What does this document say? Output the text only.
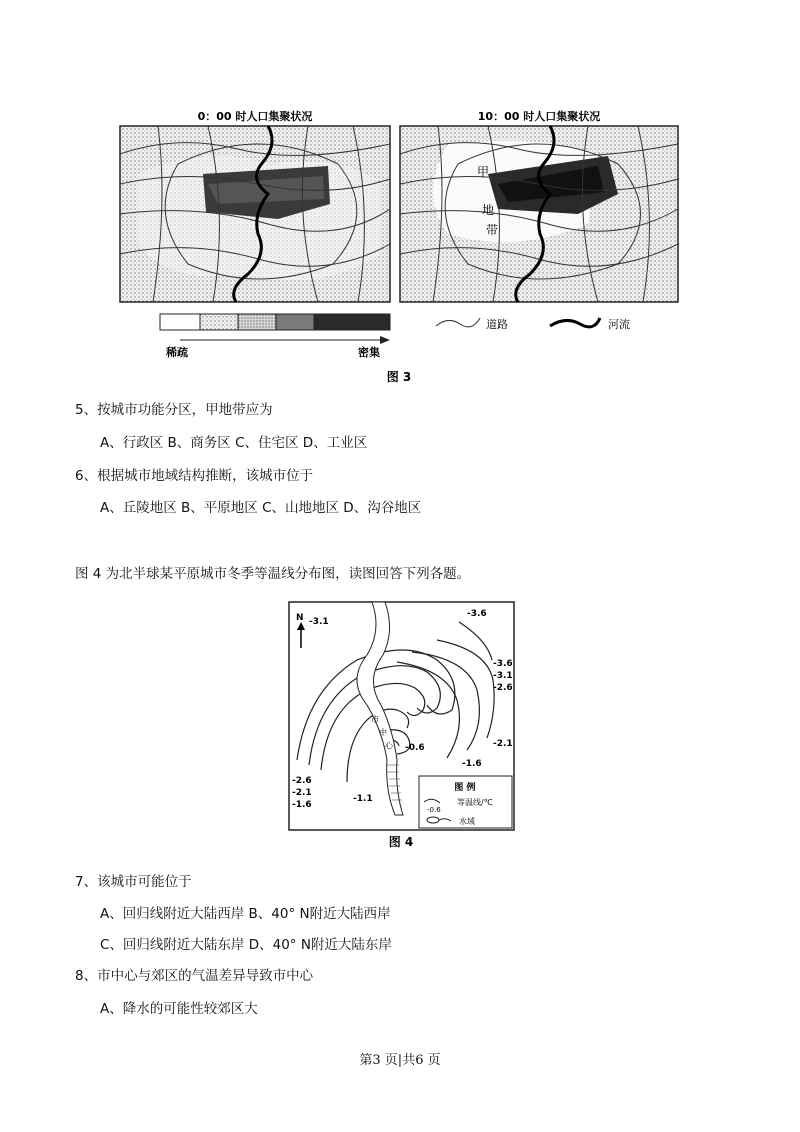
0：00 时人口集聚状况
甲
地
带
10：00 时人口集聚状况
稀疏	密集
道路	河流
图 3
5、按城市功能分区，甲地带应为
A、行政区 B、商务区 C、住宅区 D、工业区
6、根据城市地域结构推断，该城市位于
A、丘陵地区 B、平原地区 C、山地地区 D、沟谷地区
图 4 为北半球某平原城市冬季等温线分布图，读图回答下列各题。
N -3.1
-3.6
-3.6
-3.1
-2.6
-2.1
-1.6
-2.6
-2.1
-1.6
-1.1
-0.6
市
中
心
图 例
-0.6
等温线/℃
水域
图 4
7、该城市可能位于
A、回归线附近大陆西岸 B、40° N附近大陆西岸
C、回归线附近大陆东岸 D、40° N附近大陆东岸
8、市中心与郊区的气温差异导致市中心
A、降水的可能性较郊区大
第3 页|共6 页
